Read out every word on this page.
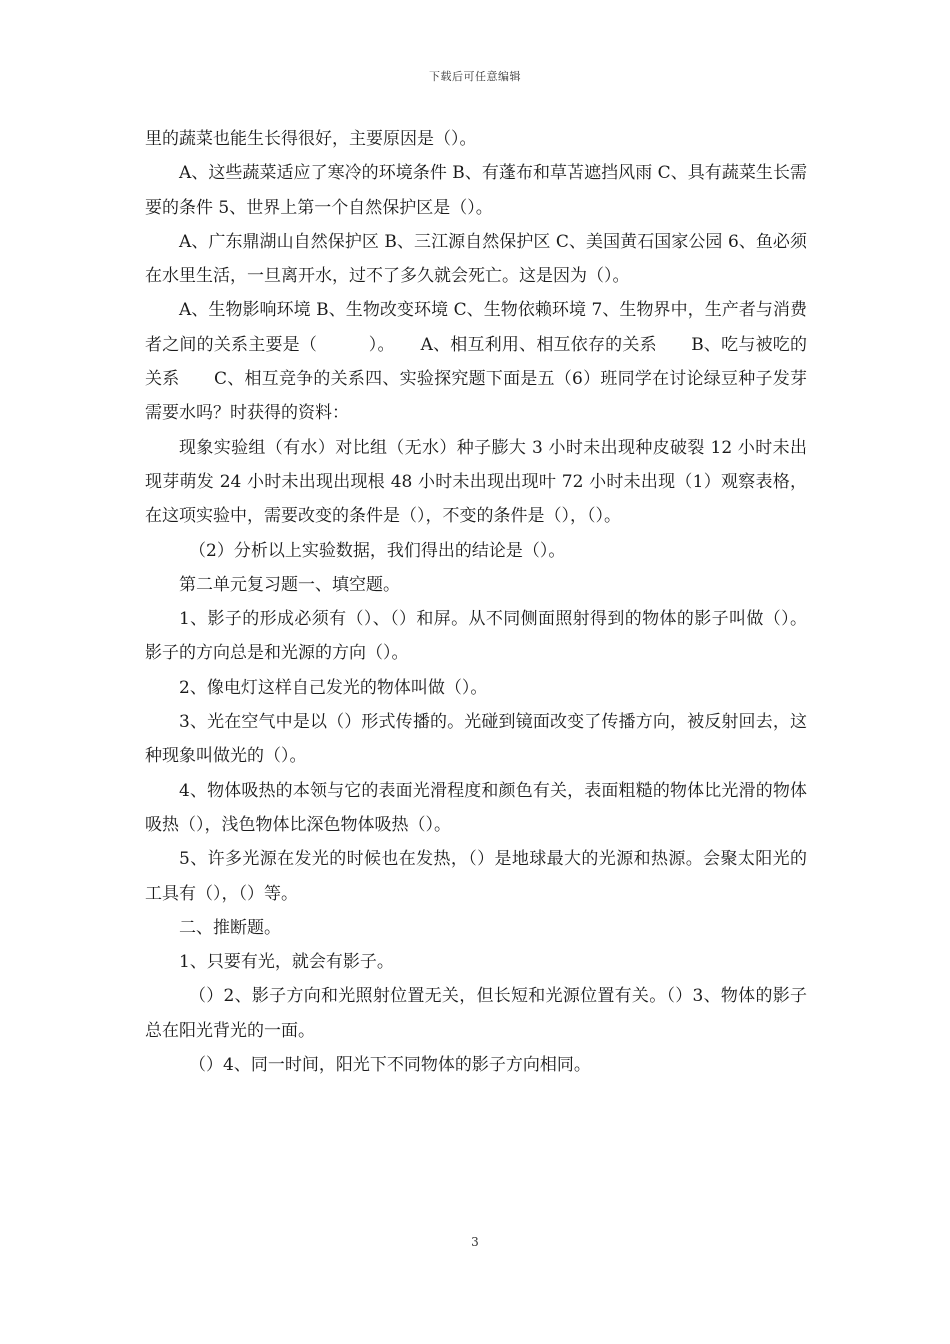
下载后可任意编辑

里的蔬菜也能生长得很好，主要原因是（）。

A、这些蔬菜适应了寒冷的环境条件 B、有蓬布和草苫遮挡风雨 C、具有蔬菜生长需要的条件 5、世界上第一个自然保护区是（）。

A、广东鼎湖山自然保护区 B、三江源自然保护区 C、美国黄石国家公园 6、鱼必须在水里生活，一旦离开水，过不了多久就会死亡。这是因为（）。

A、生物影响环境 B、生物改变环境 C、生物依赖环境 7、生物界中，生产者与消费者之间的关系主要是（　　　）。　　A、相互利用、相互依存的关系　　B、吃与被吃的关系　　C、相互竞争的关系四、实验探究题下面是五（6）班同学在讨论绿豆种子发芽需要水吗？时获得的资料：

现象实验组（有水）对比组（无水）种子膨大 3 小时未出现种皮破裂 12 小时未出现芽萌发 24 小时未出现出现根 48 小时未出现出现叶 72 小时未出现（1）观察表格，在这项实验中，需要改变的条件是（），不变的条件是（），（）。

（2）分析以上实验数据，我们得出的结论是（）。

第二单元复习题一、填空题。

1、影子的形成必须有（）、（）和屏。从不同侧面照射得到的物体的影子叫做（）。影子的方向总是和光源的方向（）。

2、像电灯这样自己发光的物体叫做（）。

3、光在空气中是以（）形式传播的。光碰到镜面改变了传播方向，被反射回去，这种现象叫做光的（）。

4、物体吸热的本领与它的表面光滑程度和颜色有关，表面粗糙的物体比光滑的物体吸热（），浅色物体比深色物体吸热（）。

5、许多光源在发光的时候也在发热，（）是地球最大的光源和热源。会聚太阳光的工具有（），（）等。

二、推断题。

1、只要有光，就会有影子。

（）2、影子方向和光照射位置无关，但长短和光源位置有关。（）3、物体的影子总在阳光背光的一面。

（）4、同一时间，阳光下不同物体的影子方向相同。

3
